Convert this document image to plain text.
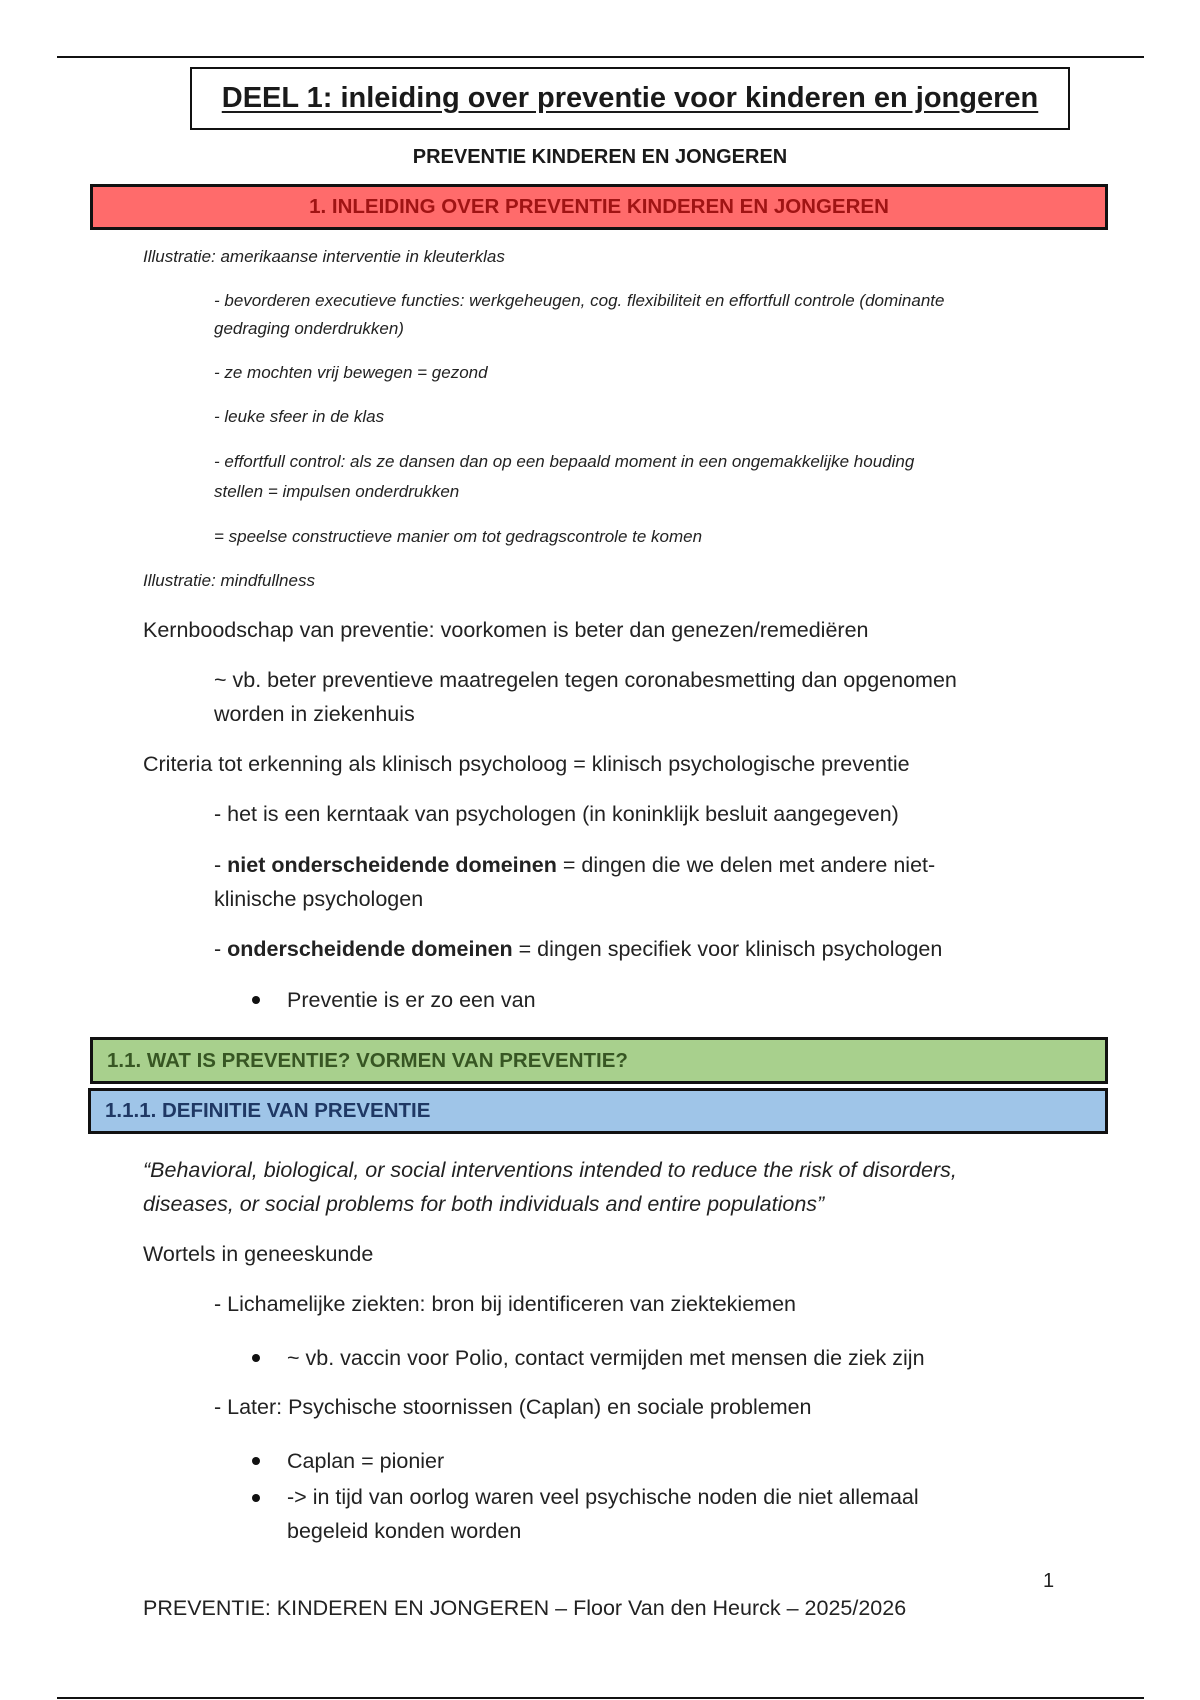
DEEL 1: inleiding over preventie voor kinderen en jongeren
PREVENTIE KINDEREN EN JONGEREN
1. INLEIDING OVER PREVENTIE KINDEREN EN JONGEREN
Illustratie: amerikaanse interventie in kleuterklas
- bevorderen executieve functies: werkgeheugen, cog. flexibiliteit en effortfull controle (dominante
gedraging onderdrukken)
- ze mochten vrij bewegen = gezond
- leuke sfeer in de klas
- effortfull control: als ze dansen dan op een bepaald moment in een ongemakkelijke houding
stellen = impulsen onderdrukken
= speelse constructieve manier om tot gedragscontrole te komen
Illustratie: mindfullness
Kernboodschap van preventie: voorkomen is beter dan genezen/remediëren
~ vb. beter preventieve maatregelen tegen coronabesmetting dan opgenomen
worden in ziekenhuis
Criteria tot erkenning als klinisch psycholoog = klinisch psychologische preventie
- het is een kerntaak van psychologen (in koninklijk besluit aangegeven)
- niet onderscheidende domeinen = dingen die we delen met andere niet-
klinische psychologen
- onderscheidende domeinen = dingen specifiek voor klinisch psychologen
Preventie is er zo een van
1.1. WAT IS PREVENTIE? VORMEN VAN PREVENTIE?
1.1.1. DEFINITIE VAN PREVENTIE
“Behavioral, biological, or social interventions intended to reduce the risk of disorders,
diseases, or social problems for both individuals and entire populations”
Wortels in geneeskunde
- Lichamelijke ziekten: bron bij identificeren van ziektekiemen
~ vb. vaccin voor Polio, contact vermijden met mensen die ziek zijn
- Later: Psychische stoornissen (Caplan) en sociale problemen
Caplan = pionier
-> in tijd van oorlog waren veel psychische noden die niet allemaal
begeleid konden worden
1
PREVENTIE: KINDEREN EN JONGEREN – Floor Van den Heurck – 2025/2026
